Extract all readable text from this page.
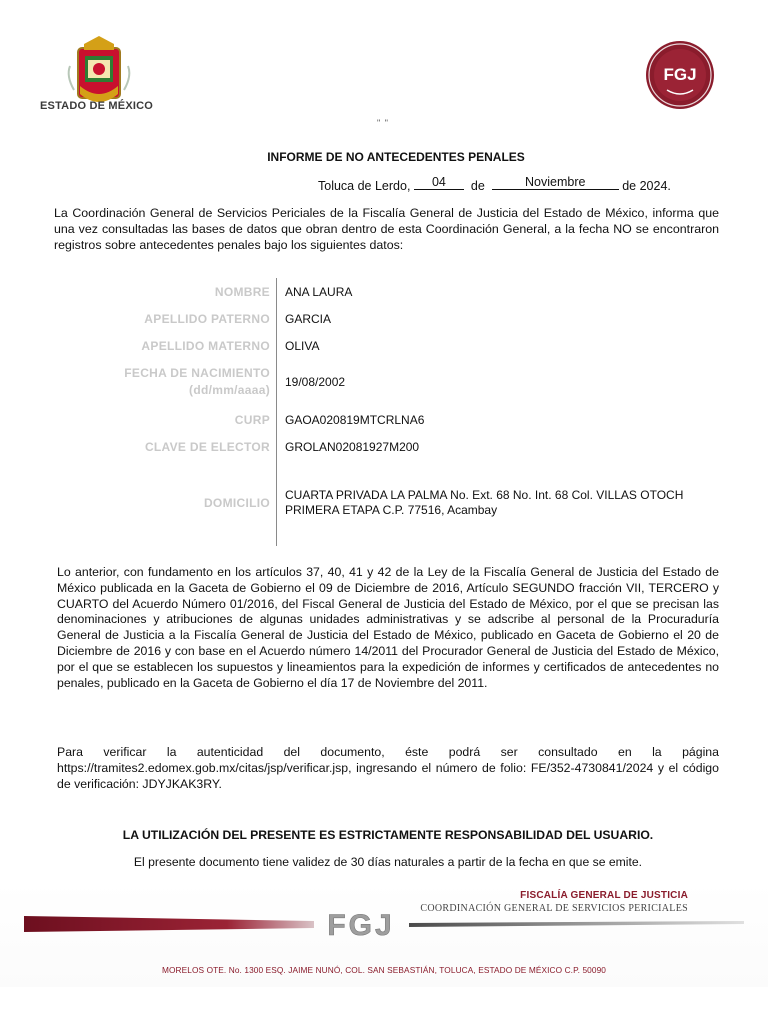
ESTADO DE MÉXICO
FGJ
" "
INFORME DE NO ANTECEDENTES PENALES
Toluca de Lerdo, 04 de	Noviembre	de 2024.
La Coordinación General de Servicios Periciales de la Fiscalía General de Justicia del Estado de México, informa que una vez consultadas las bases de datos que obran dentro de esta Coordinación General, a la fecha NO se encontraron registros sobre antecedentes penales bajo los siguientes datos:
NOMBRE ANA LAURA
APELLIDO PATERNO GARCIA
APELLIDO MATERNO OLIVA
FECHA DE NACIMIENTO
(dd/mm/aaaa)
19/08/2002
CURP GAOA020819MTCRLNA6
CLAVE DE ELECTOR GROLAN02081927M200
DOMICILIO
CUARTA PRIVADA LA PALMA No. Ext. 68 No. Int. 68 Col. VILLAS OTOCH PRIMERA ETAPA C.P. 77516, Acambay
Lo anterior, con fundamento en los artículos 37, 40, 41 y 42 de la Ley de la Fiscalía General de Justicia del Estado de México publicada en la Gaceta de Gobierno el 09 de Diciembre de 2016, Artículo SEGUNDO fracción VII, TERCERO y CUARTO del Acuerdo Número 01/2016, del Fiscal General de Justicia del Estado de México, por el que se precisan las denominaciones y atribuciones de algunas unidades administrativas y se adscribe al personal de la Procuraduría General de Justicia a la Fiscalía General de Justicia del Estado de México, publicado en Gaceta de Gobierno el 20 de Diciembre de 2016 y con base en el Acuerdo número 14/2011 del Procurador General de Justicia del Estado de México, por el que se establecen los supuestos y lineamientos para la expedición de informes y certificados de antecedentes no penales, publicado en la Gaceta de Gobierno el día 17 de Noviembre del 2011.
Para verificar la autenticidad del documento, éste podrá ser consultado en la página https://tramites2.edomex.gob.mx/citas/jsp/verificar.jsp, ingresando el número de folio: FE/352-4730841/2024 y el código de verificación: JDYJKAK3RY.
LA UTILIZACIÓN DEL PRESENTE ES ESTRICTAMENTE RESPONSABILIDAD DEL USUARIO.
El presente documento tiene validez de 30 días naturales a partir de la fecha en que se emite.
FISCALÍA GENERAL DE JUSTICIA
COORDINACIÓN GENERAL DE SERVICIOS PERICIALES
FGJ
MORELOS OTE. No. 1300 ESQ. JAIME NUNÓ, COL. SAN SEBASTIÁN, TOLUCA, ESTADO DE MÉXICO C.P. 50090
